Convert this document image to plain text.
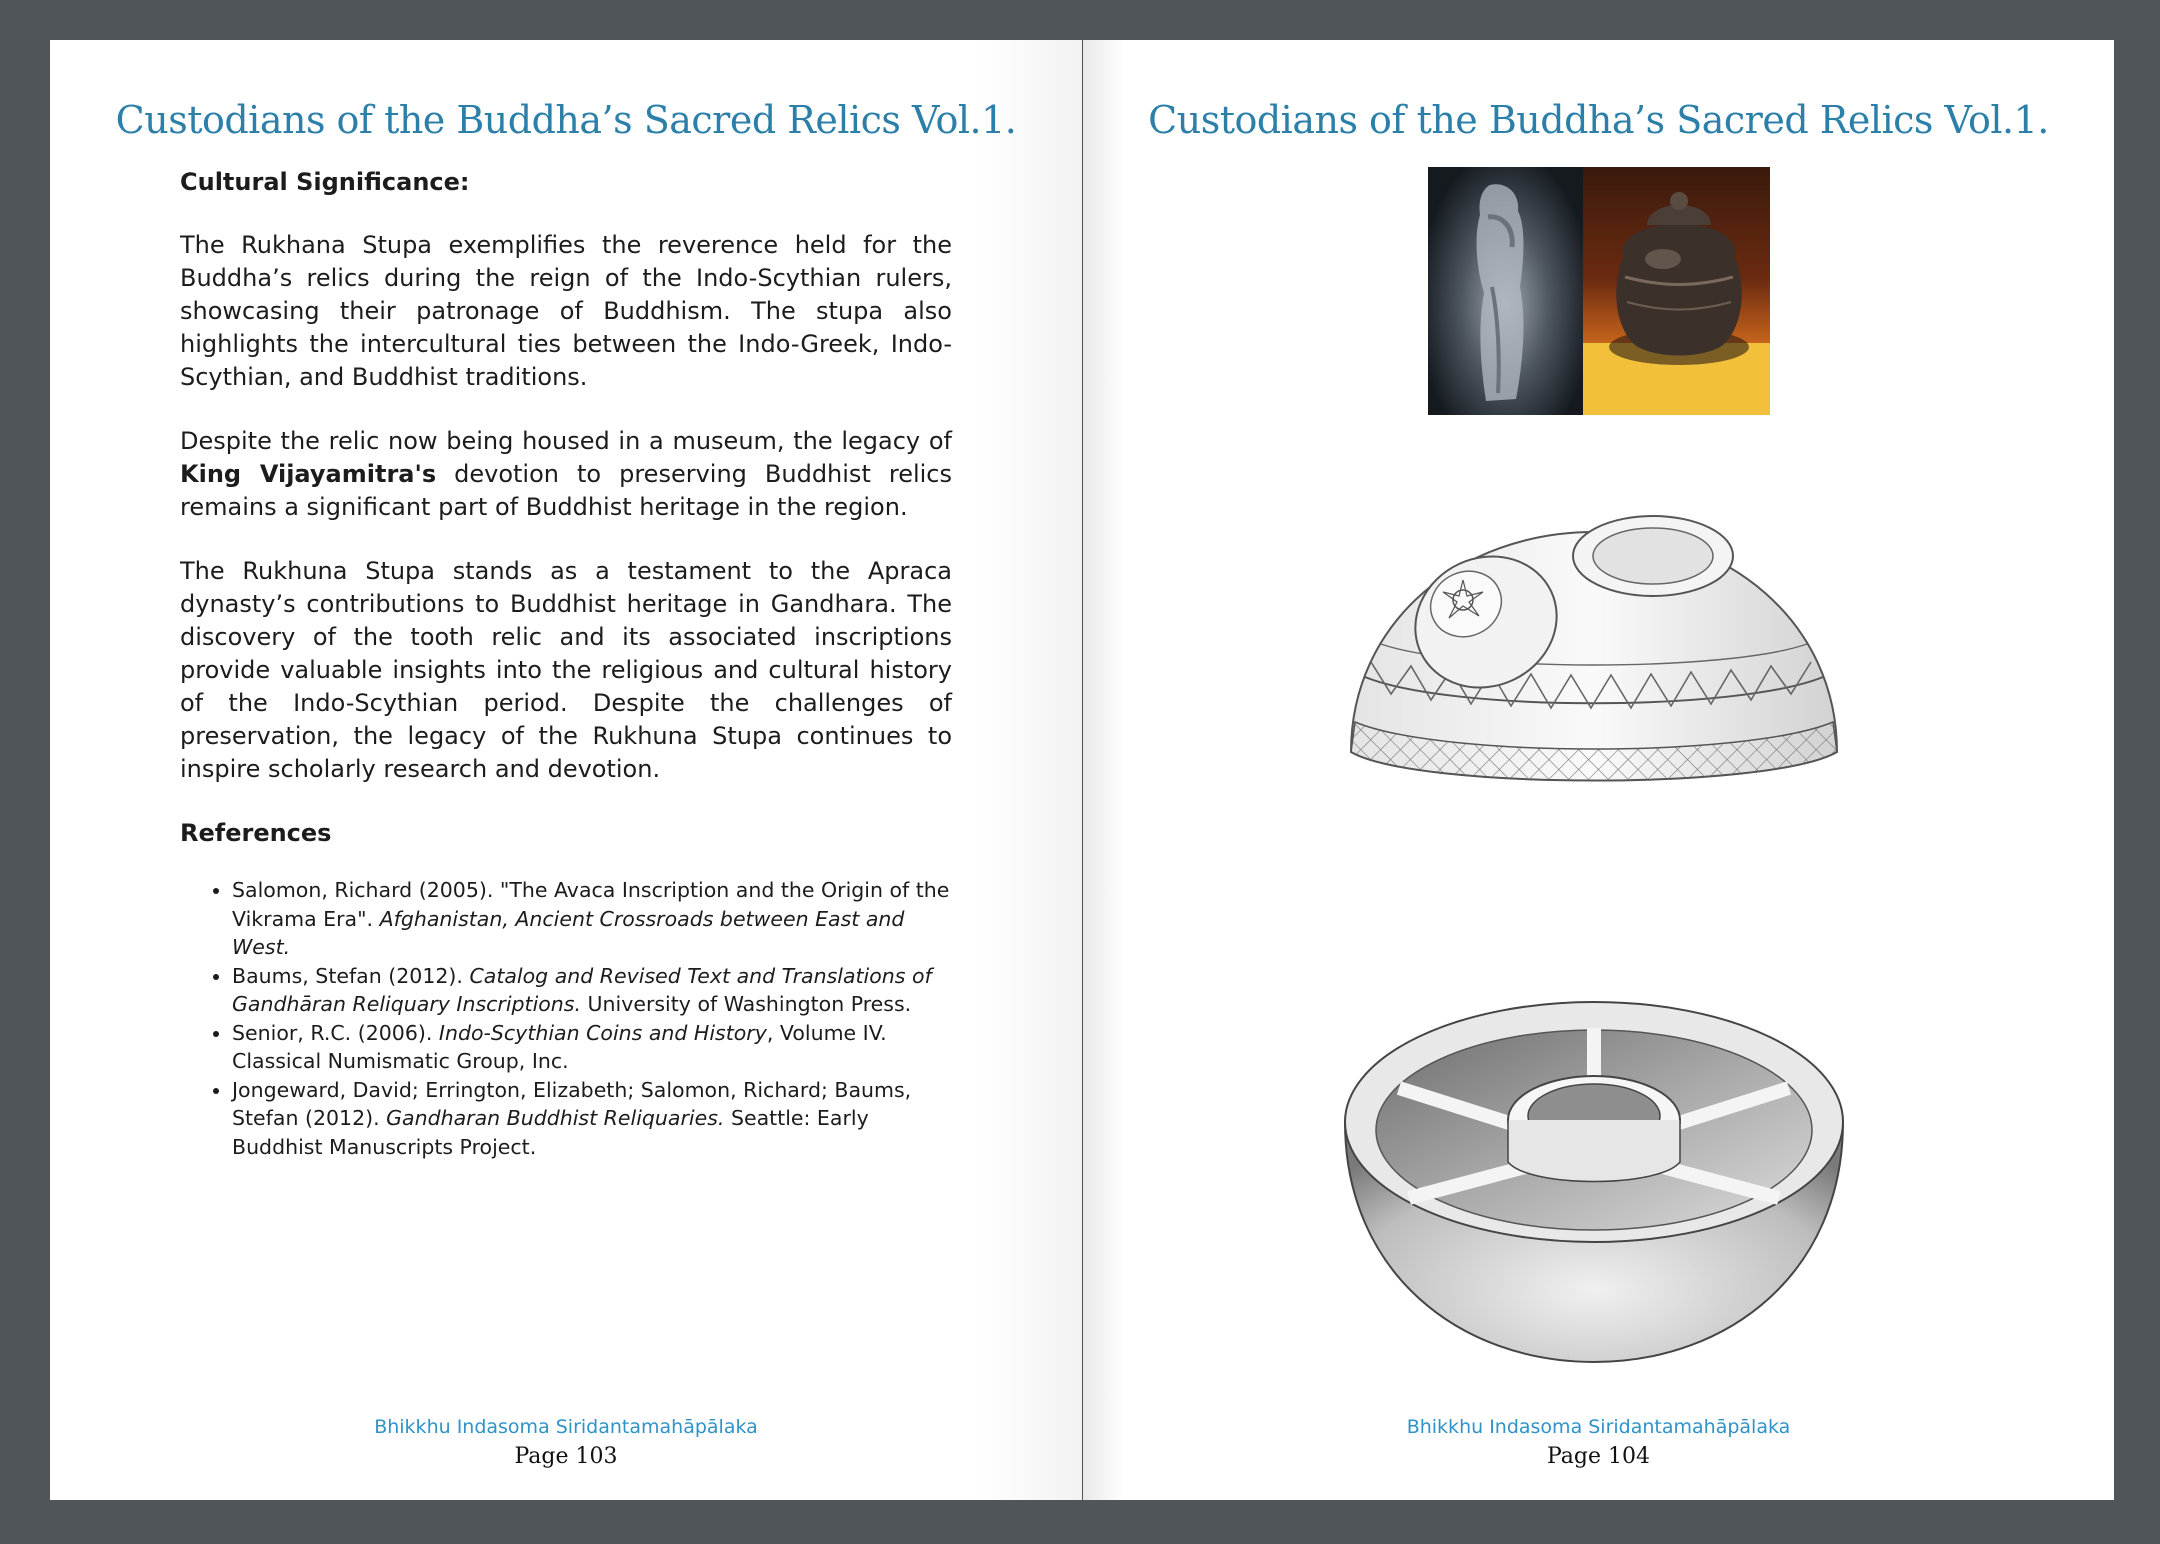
Custodians of the Buddha’s Sacred Relics Vol.1.
Cultural Significance:

The Rukhana Stupa exemplifies the reverence held for the Buddha’s relics during the reign of the Indo-Scythian rulers, showcasing their patronage of Buddhism. The stupa also highlights the intercultural ties between the Indo-Greek, Indo-Scythian, and Buddhist traditions.

Despite the relic now being housed in a museum, the legacy of King Vijayamitra's devotion to preserving Buddhist relics remains a significant part of Buddhist heritage in the region.

The Rukhuna Stupa stands as a testament to the Apraca dynasty’s contributions to Buddhist heritage in Gandhara. The discovery of the tooth relic and its associated inscriptions provide valuable insights into the religious and cultural history of the Indo-Scythian period. Despite the challenges of preservation, the legacy of the Rukhuna Stupa continues to inspire scholarly research and devotion.

References
• Salomon, Richard (2005). "The Avaca Inscription and the Origin of the Vikrama Era". Afghanistan, Ancient Crossroads between East and West.
• Baums, Stefan (2012). Catalog and Revised Text and Translations of Gandhāran Reliquary Inscriptions. University of Washington Press.
• Senior, R.C. (2006). Indo-Scythian Coins and History, Volume IV. Classical Numismatic Group, Inc.
• Jongeward, David; Errington, Elizabeth; Salomon, Richard; Baums, Stefan (2012). Gandharan Buddhist Reliquaries. Seattle: Early Buddhist Manuscripts Project.
Bhikkhu Indasoma Siridantamahāpālaka
Page 103
Custodians of the Buddha’s Sacred Relics Vol.1.
Bhikkhu Indasoma Siridantamahāpālaka
Page 104
